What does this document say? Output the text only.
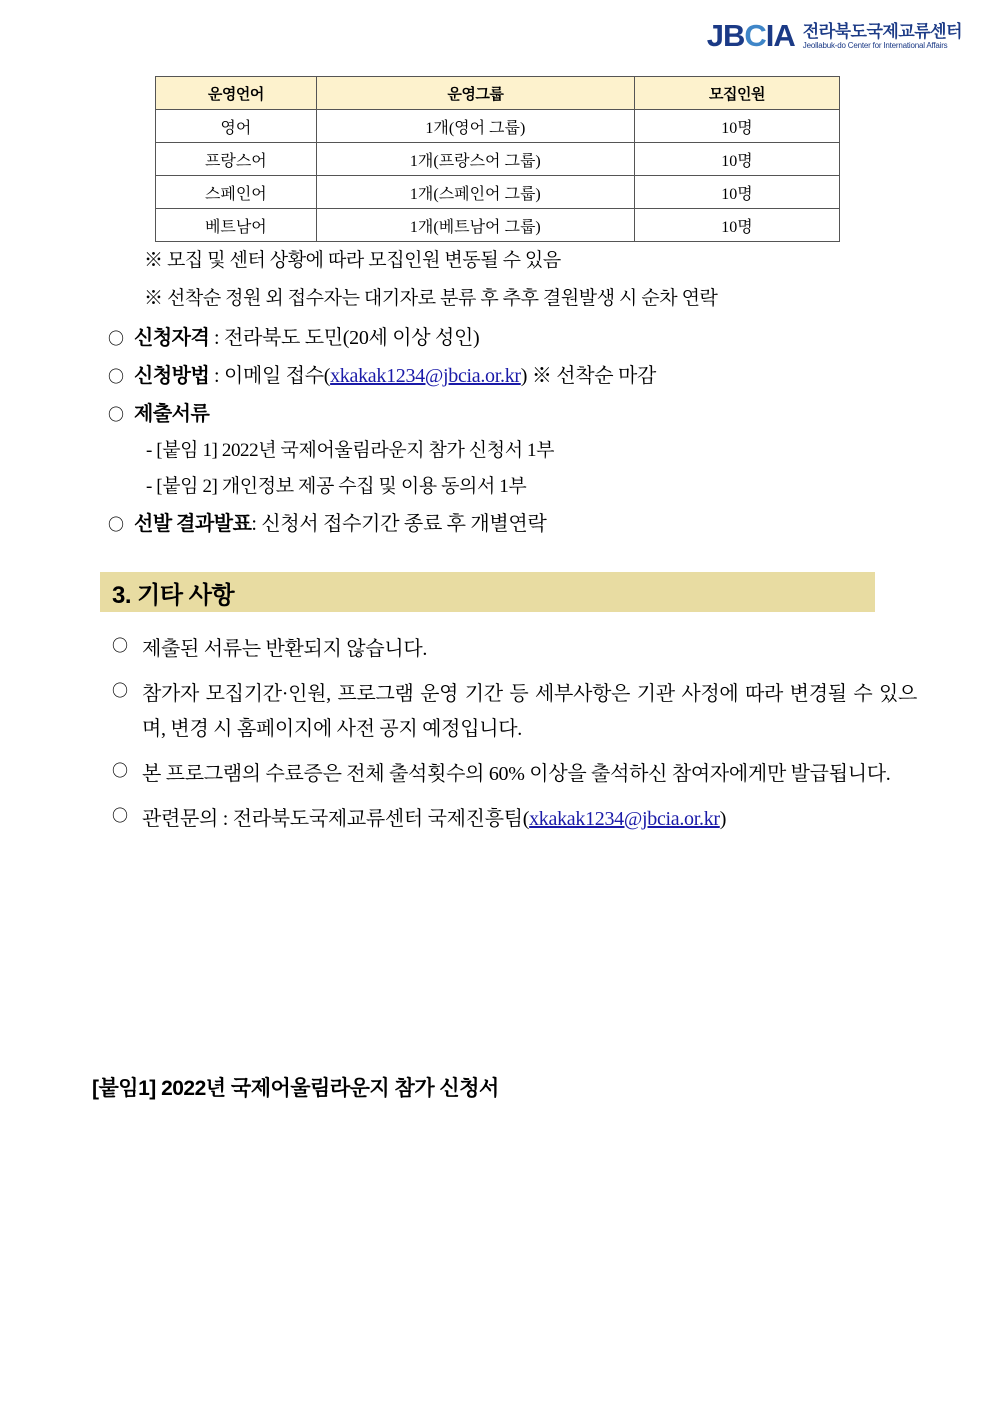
JBCIA 전라북도국제교류센터
Jeollabuk-do Center for International Affairs
운영언어	운영그룹	모집인원
영어	1개(영어 그룹)	10명
프랑스어	1개(프랑스어 그룹)	10명
스페인어	1개(스페인어 그룹)	10명
베트남어	1개(베트남어 그룹)	10명

※ 모집 및 센터 상황에 따라 모집인원 변동될 수 있음

※ 선착순 정원 외 접수자는 대기자로 분류 후 추후 결원발생 시 순차 연락

〇 신청자격 : 전라북도 도민(20세 이상 성인)
〇 신청방법 : 이메일 접수(xkakak1234@jbcia.or.kr) ※ 선착순 마감
〇 제출서류

- [붙임 1] 2022년 국제어울림라운지 참가 신청서 1부

- [붙임 2] 개인정보 제공 수집 및 이용 동의서 1부

〇 선발 결과발표: 신청서 접수기간 종료 후 개별연락
3. 기타 사항
〇 제출된 서류는 반환되지 않습니다.
〇 참가자 모집기간·인원, 프로그램 운영 기간 등 세부사항은 기관 사정에 따라 변경될 수 있으며, 변경 시 홈페이지에 사전 공지 예정입니다.
〇 본 프로그램의 수료증은 전체 출석횟수의 60% 이상을 출석하신 참여자에게만 발급됩니다.
〇 관련문의 : 전라북도국제교류센터 국제진흥팀(xkakak1234@jbcia.or.kr)
[붙임1] 2022년 국제어울림라운지 참가 신청서
